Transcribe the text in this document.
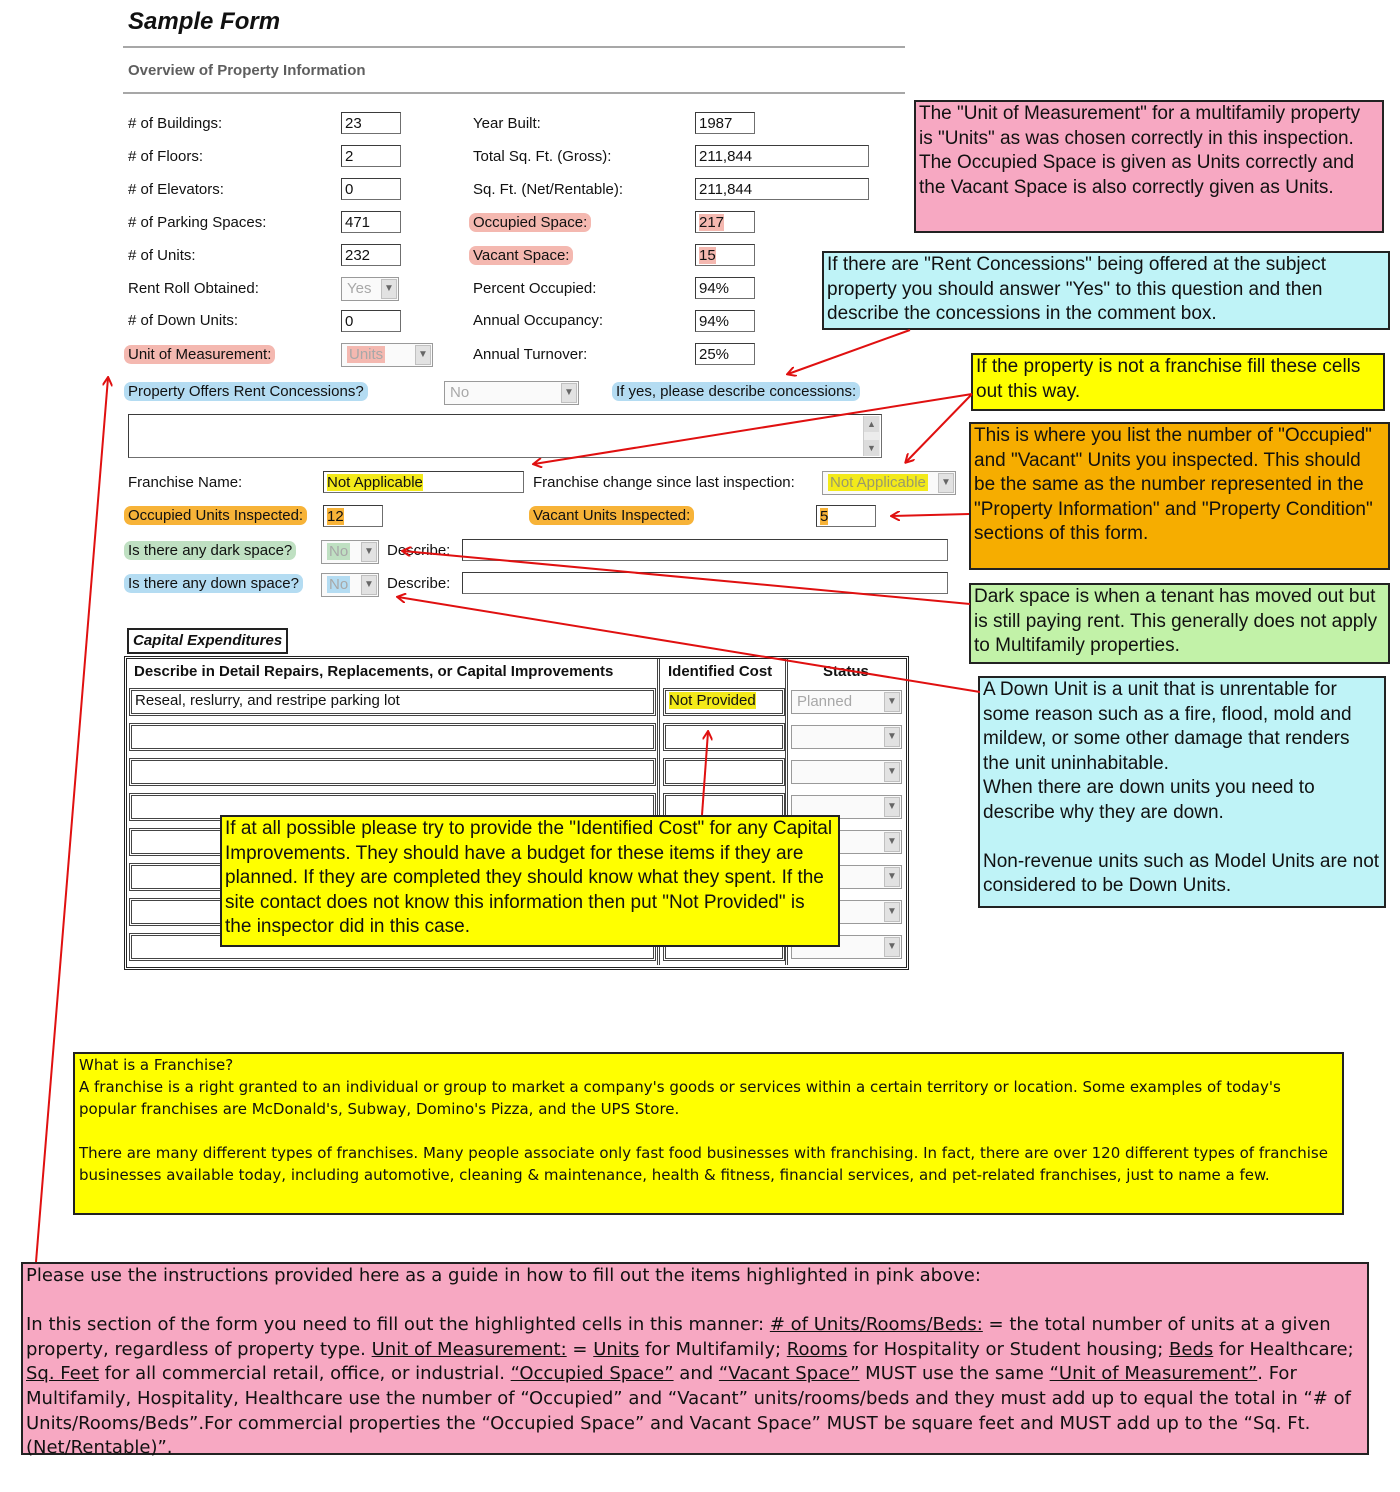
Sample Form
Overview of Property Information
# of Buildings:	23
# of Floors:	2
# of Elevators:	0
# of Parking Spaces:	471
# of Units:	232
Rent Roll Obtained:	Yes	▼
# of Down Units:	0
Unit of Measurement:	Units	▼
Year Built:	1987
Total Sq. Ft. (Gross):	211,844
Sq. Ft. (Net/Rentable):	211,844
Occupied Space:	217
Vacant Space:	15
Percent Occupied:	94%
Annual Occupancy:	94%
Annual Turnover:	25%
Property Offers Rent Concessions?	No	▼	If yes, please describe concessions:
▲
▼
Franchise Name:	Not Applicable	Franchise change since last inspection:	Not Applicable	▼
Occupied Units Inspected: 12	Vacant Units Inspected:	5
Is there any dark space?	No	▼ Describe:
Is there any down space?	No	▼ Describe:
Capital Expenditures
Describe in Detail Repairs, Replacements, or Capital Improvements	Identified Cost	Status
Reseal, reslurry, and restripe parking lot	Not Provided	Planned	▼
▼
▼
▼
▼
▼
▼
▼
The "Unit of Measurement" for a multifamily property is "Units" as was chosen correctly in this inspection. The Occupied Space is given as Units correctly and the Vacant Space is also correctly given as Units.
If there are "Rent Concessions" being offered at the subject property you should answer "Yes" to this question and then describe the concessions in the comment box.
If the property is not a franchise fill these cells out this way.
This is where you list the number of "Occupied" and "Vacant" Units you inspected. This should be the same as the number represented in the "Property Information" and "Property Condition" sections of this form.
Dark space is when a tenant has moved out but is still paying rent. This generally does not apply to Multifamily properties.
A Down Unit is a unit that is unrentable for some reason such as a fire, flood, mold and mildew, or some other damage that renders the unit uninhabitable.
When there are down units you need to describe why they are down.
Non-revenue units such as Model Units are not considered to be Down Units.
If at all possible please try to provide the "Identified Cost" for any Capital Improvements. They should have a budget for these items if they are planned. If they are completed they should know what they spent. If the site contact does not know this information then put "Not Provided" is the inspector did in this case.

What is a Franchise?

A franchise is a right granted to an individual or group to market a company's goods or services within a certain territory or location. Some examples of today's popular franchises are McDonald's, Subway, Domino's Pizza, and the UPS Store.

There are many different types of franchises. Many people associate only fast food businesses with franchising. In fact, there are over 120 different types of franchise businesses available today, including automotive, cleaning & maintenance, health & fitness, financial services, and pet-related franchises, just to name a few.

Please use the instructions provided here as a guide in how to fill out the items highlighted in pink above:

In this section of the form you need to fill out the highlighted cells in this manner: # of Units/Rooms/Beds: = the total number of units at a given property, regardless of property type. Unit of Measurement: = Units for Multifamily; Rooms for Hospitality or Student housing; Beds for Healthcare; Sq. Feet for all commercial retail, office, or industrial. “Occupied Space” and “Vacant Space” MUST use the same “Unit of Measurement”. For Multifamily, Hospitality, Healthcare use the number of “Occupied” and “Vacant” units/rooms/beds and they must add up to equal the total in “# of Units/Rooms/Beds”.For commercial properties the “Occupied Space” and Vacant Space” MUST be square feet and MUST add up to the “Sq. Ft. (Net/Rentable)”.
